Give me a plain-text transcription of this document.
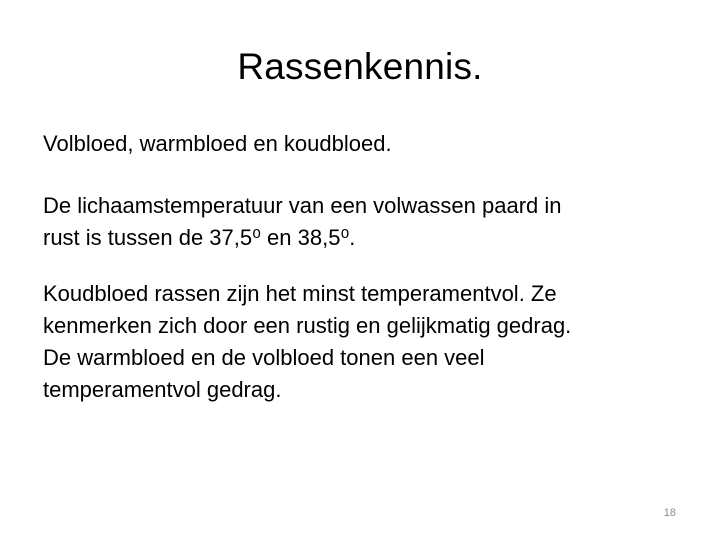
Rassenkennis.

Volbloed, warmbloed en koudbloed.

De lichaamstemperatuur van een volwassen paard in
rust is tussen de 37,5⁰ en 38,5⁰.

Koudbloed rassen zijn het minst temperamentvol. Ze
kenmerken zich door een rustig en gelijkmatig gedrag.
De warmbloed en de volbloed tonen een veel
temperamentvol gedrag.

18
